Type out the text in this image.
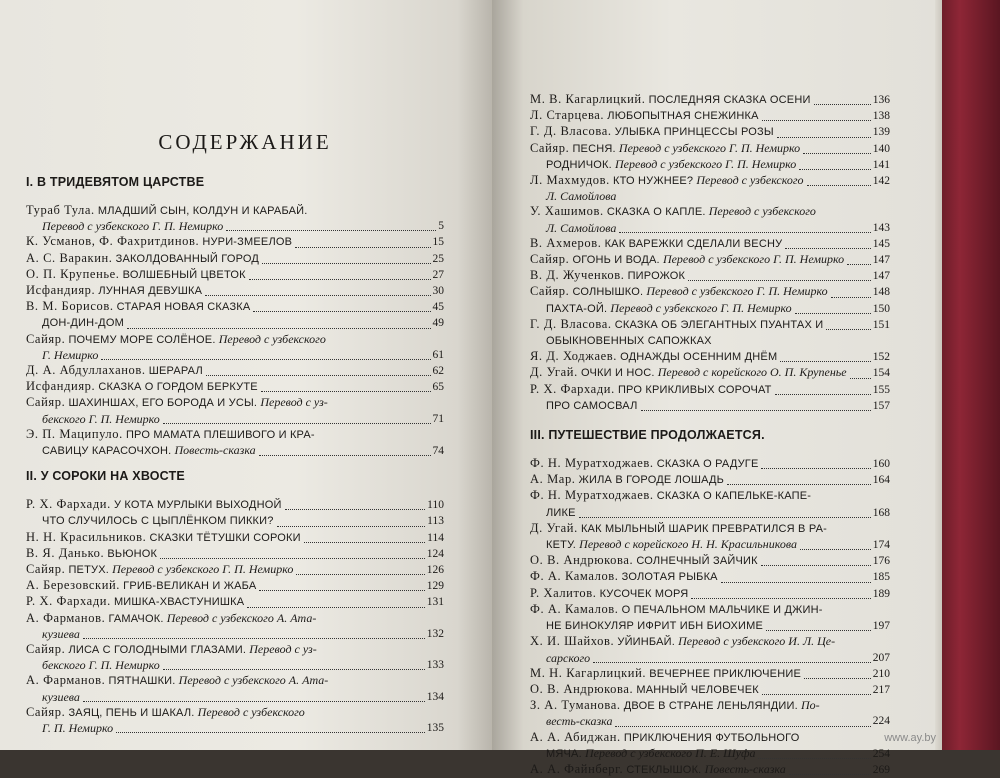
СОДЕРЖАНИЕ
I. В ТРИДЕВЯТОМ ЦАРСТВЕ
Тураб Тула. МЛАДШИЙ СЫН, КОЛДУН И КАРАБАЙ.
Перевод с узбекского Г. П. Немирко	5
К. Усманов, Ф. Фахритдинов. НУРИ-ЗМЕЕЛОВ	15
А. С. Варакин. ЗАКОЛДОВАННЫЙ ГОРОД	25
О. П. Крупенье. ВОЛШЕБНЫЙ ЦВЕТОК	27
Исфандияр. ЛУННАЯ ДЕВУШКА	30
В. М. Борисов. СТАРАЯ НОВАЯ СКАЗКА	45
ДОН-ДИН-ДОМ	49
Сайяр. ПОЧЕМУ МОРЕ СОЛЁНОЕ. Перевод с узбекского
Г. Немирко	61
Д. А. Абдуллаханов. ШЕРАРАЛ	62
Исфандияр. СКАЗКА О ГОРДОМ БЕРКУТЕ	65
Сайяр. ШАХИНШАХ, ЕГО БОРОДА И УСЫ. Перевод с уз-
бекского Г. П. Немирко	71
Э. П. Маципуло. ПРО МАМАТА ПЛЕШИВОГО И КРА-
САВИЦУ КАРАСОЧХОН. Повесть-сказка	74
II. У СОРОКИ НА ХВОСТЕ
Р. Х. Фархади. У КОТА МУРЛЫКИ ВЫХОДНОЙ	110
ЧТО СЛУЧИЛОСЬ С ЦЫПЛЁНКОМ ПИККИ?	113
Н. Н. Красильников. СКАЗКИ ТЁТУШКИ СОРОКИ	114
В. Я. Данько. ВЬЮНОК	124
Сайяр. ПЕТУХ. Перевод с узбекского Г. П. Немирко	126
А. Березовский. ГРИБ-ВЕЛИКАН И ЖАБА	129
Р. Х. Фархади. МИШКА-ХВАСТУНИШКА	131
А. Фарманов. ГАМАЧОК. Перевод с узбекского А. Ата-
кузиева	132
Сайяр. ЛИСА С ГОЛОДНЫМИ ГЛАЗАМИ. Перевод с уз-
бекского Г. П. Немирко	133
А. Фарманов. ПЯТНАШКИ. Перевод с узбекского А. Ата-
кузиева	134
Сайяр. ЗАЯЦ, ПЕНЬ И ШАКАЛ. Перевод с узбекского
Г. П. Немирко	135
М. В. Кагарлицкий. ПОСЛЕДНЯЯ СКАЗКА ОСЕНИ	136
Л. Старцева. ЛЮБОПЫТНАЯ СНЕЖИНКА	138
Г. Д. Власова. УЛЫБКА ПРИНЦЕССЫ РОЗЫ	139
Сайяр. ПЕСНЯ. Перевод с узбекского Г. П. Немирко	140
РОДНИЧОК. Перевод с узбекского Г. П. Немирко	141
Л. Махмудов. КТО НУЖНЕЕ? Перевод с узбекского	142
Л. Самойлова
У. Хашимов. СКАЗКА О КАПЛЕ. Перевод с узбекского
Л. Самойлова	143
В. Ахмеров. КАК ВАРЕЖКИ СДЕЛАЛИ ВЕСНУ	145
Сайяр. ОГОНЬ И ВОДА. Перевод с узбекского Г. П. Немирко 147
В. Д. Жученков. ПИРОЖОК	147
Сайяр. СОЛНЫШКО. Перевод с узбекского Г. П. Немирко	148
ПАХТА-ОЙ. Перевод с узбекского Г. П. Немирко	150
Г. Д. Власова. СКАЗКА ОБ ЭЛЕГАНТНЫХ ПУАНТАХ И	151
ОБЫКНОВЕННЫХ САПОЖКАХ
Я. Д. Ходжаев. ОДНАЖДЫ ОСЕННИМ ДНЁМ	152
Д. Угай. ОЧКИ И НОС. Перевод с корейского О. П. Крупенье 154
Р. Х. Фархади. ПРО КРИКЛИВЫХ СОРОЧАТ	155
ПРО САМОСВАЛ	157
III. ПУТЕШЕСТВИЕ ПРОДОЛЖАЕТСЯ.
Ф. Н. Муратходжаев. СКАЗКА О РАДУГЕ	160
А. Мар. ЖИЛА В ГОРОДЕ ЛОШАДЬ	164
Ф. Н. Муратходжаев. СКАЗКА О КАПЕЛЬКЕ-КАПЕ-
ЛИКЕ	168
Д. Угай. КАК МЫЛЬНЫЙ ШАРИК ПРЕВРАТИЛСЯ В РА-
КЕТУ. Перевод с корейского Н. Н. Красильникова	174
О. В. Андрюкова. СОЛНЕЧНЫЙ ЗАЙЧИК	176
Ф. А. Камалов. ЗОЛОТАЯ РЫБКА	185
Р. Халитов. КУСОЧЕК МОРЯ	189
Ф. А. Камалов. О ПЕЧАЛЬНОМ МАЛЬЧИКЕ И ДЖИН-
НЕ БИНОКУЛЯР ИФРИТ ИБН БИОХИМЕ	197
Х. И. Шайхов. УЙИНБАЙ. Перевод с узбекского И. Л. Це-
сарского	207
М. Н. Кагарлицкий. ВЕЧЕРНЕЕ ПРИКЛЮЧЕНИЕ	210
О. В. Андрюкова. МАННЫЙ ЧЕЛОВЕЧЕК	217
З. А. Туманова. ДВОЕ В СТРАНЕ ЛЕНЬЛЯНДИИ. По-
весть-сказка	224
А. А. Абиджан. ПРИКЛЮЧЕНИЯ ФУТБОЛЬНОГО
МЯЧА. Перевод с узбекского П. Е. Шуфа	254
А. А. Файнберг. СТЕКЛЫШОК. Повесть-сказка	269
www.ay.by
